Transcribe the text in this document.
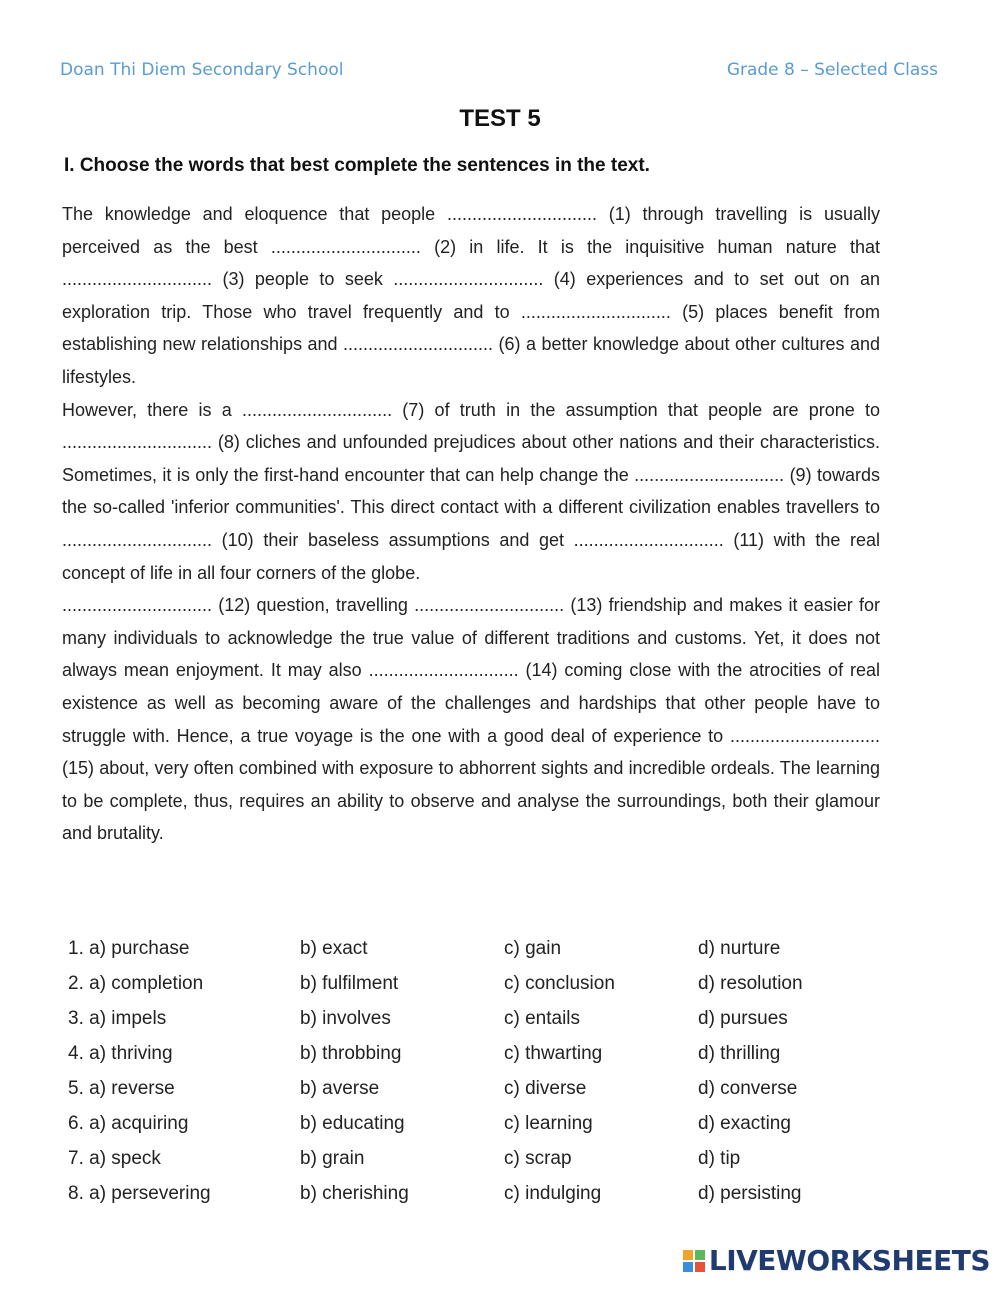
Doan Thi Diem Secondary School	Grade 8 – Selected Class
TEST 5
I. Choose the words that best complete the sentences in the text.

The knowledge and eloquence that people .............................. (1) through travelling is usually perceived as the best .............................. (2) in life. It is the inquisitive human nature that .............................. (3) people to seek .............................. (4) experiences and to set out on an exploration trip. Those who travel frequently and to .............................. (5) places benefit from establishing new relationships and .............................. (6) a better knowledge about other cultures and lifestyles.

However, there is a .............................. (7) of truth in the assumption that people are prone to .............................. (8) cliches and unfounded prejudices about other nations and their characteristics. Sometimes, it is only the first-hand encounter that can help change the .............................. (9) towards the so-called 'inferior communities'. This direct contact with a different civilization enables travellers to .............................. (10) their baseless assumptions and get .............................. (11) with the real concept of life in all four corners of the globe.

.............................. (12) question, travelling .............................. (13) friendship and makes it easier for many individuals to acknowledge the true value of different traditions and customs. Yet, it does not always mean enjoyment. It may also .............................. (14) coming close with the atrocities of real existence as well as becoming aware of the challenges and hardships that other people have to struggle with. Hence, a true voyage is the one with a good deal of experience to .............................. (15) about, very often combined with exposure to abhorrent sights and incredible ordeals. The learning to be complete, thus, requires an ability to observe and analyse the surroundings, both their glamour and brutality.

1. a) purchase	b) exact	c) gain	d) nurture
2. a) completion	b) fulfilment	c) conclusion	d) resolution
3. a) impels	b) involves	c) entails	d) pursues
4. a) thriving	b) throbbing	c) thwarting	d) thrilling
5. a) reverse	b) averse	c) diverse	d) converse
6. a) acquiring	b) educating	c) learning	d) exacting
7. a) speck	b) grain	c) scrap	d) tip
8. a) persevering	b) cherishing	c) indulging	d) persisting
LIVEWORKSHEETS
